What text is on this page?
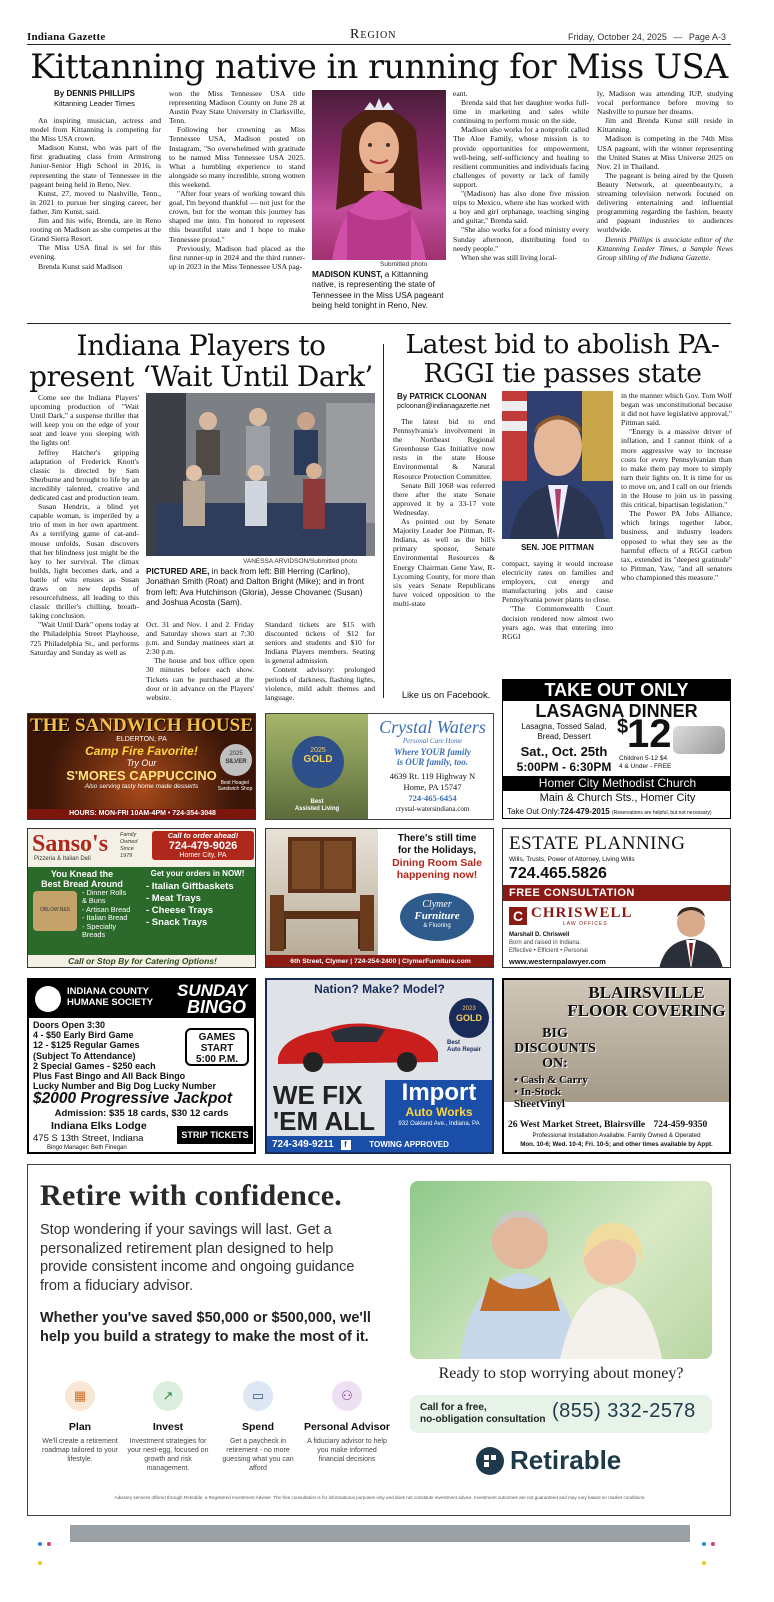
Indiana Gazette	Region	Friday, October 24, 2025 — Page A-3
Kittanning native in running for Miss USA
By DENNIS PHILLIPS
Kittanning Leader Times

An inspiring musician, actress and model from Kittanning is competing for the Miss USA crown.

Madison Kunst, who was part of the first graduating class from Armstrong Junior-Senior High School in 2016, is representing the state of Tennessee in the pageant being held in Reno, Nev.

Kunst, 27, moved to Nashville, Tenn., in 2021 to pursue her singing career, her father, Jim Kunst, said.

Jim and his wife, Brenda, are in Reno rooting on Madison as she competes at the Grand Sierra Resort.

The Miss USA final is set for this evening.

Brenda Kunst said Madison

won the Miss Tennessee USA title representing Madison County on June 28 at Austin Peay State University in Clarksville, Tenn.

Following her crowning as Miss Tennessee USA, Madison posted on Instagram, "So overwhelmed with gratitude to be named Miss Tennessee USA 2025. What a humbling experience to stand alongside so many incredible, strong women this weekend.

"After four years of working toward this goal, I'm beyond thankful — not just for the crown, but for the woman this journey has shaped me into. I'm honored to represent this beautiful state and I hope to make Tennessee proud."

Previously, Madison had placed as the first runner-up in 2024 and the third runner-up in 2023 in the Miss Tennessee USA pag-	Submitted photo
MADISON KUNST, a Kittanning native, is representing the state of Tennessee in the Miss USA pageant being held tonight in Reno, Nev.

eant.

Brenda said that her daughter works full-time in marketing and sales while continuing to perform music on the side.

Madison also works for a nonprofit called The Aloe Family, whose mission is to provide opportunities for empowerment, well-being, self-sufficiency and healing to resilient communities and individuals facing challenges of poverty or lack of family support.

"(Madison) has also done five mission trips to Mexico, where she has worked with a boy and girl orphanage, teaching singing and guitar," Brenda said.

"She also works for a food ministry every Sunday afternoon, distributing food to needy people."

When she was still living local-

ly, Madison was attending IUP, studying vocal performance before moving to Nashville to pursue her dreams.

Jim and Brenda Kunst still reside in Kittanning.

Madison is competing in the 74th Miss USA pageant, with the winner representing the United States at Miss Universe 2025 on Nov. 21 in Thailand.

The pageant is being aired by the Queen Beauty Network, at queenbeauty.tv, a streaming television network focused on delivering entertaining and influential programming regarding the fashion, beauty and pageant industries to audiences worldwide.

Dennis Phillips is associate editor of the Kittanning Leader Times, a Sample News Group sibling of the Indiana Gazette.

Indiana Players to present ‘Wait Until Dark’

Come see the Indiana Players' upcoming production of "Wait Until Dark," a suspense thriller that will keep you on the edge of your seat and leave you sleeping with the lights on!

Jeffrey Hatcher's gripping adaptation of Frederick Knott's classic is directed by Sam Sherburne and brought to life by an incredibly talented, creative and dedicated cast and production team.

Susan Hendrix, a blind yet capable woman, is imperiled by a trio of men in her own apartment. As a terrifying game of cat-and-mouse unfolds, Susan discovers that her blindness just might be the key to her survival. The climax builds, light becomes dark, and a battle of wits ensues as Susan draws on new depths of resourcefulness, all leading to this classic thriller's chilling, breath-taking conclusion.

"Wait Until Dark" opens today at the Philadelphia Street Playhouse, 725 Philadelphia St., and performs Saturday and Sunday as well as

VANESSA ARVIDSON/Submitted photo
PICTURED ARE, in back from left: Bill Herring (Carlino), Jonathan Smith (Roat) and Dalton Bright (Mike); and in front from left: Ava Hutchinson (Gloria), Jesse Chovanec (Susan) and Joshua Acosta (Sam).

Oct. 31 and Nov. 1 and 2. Friday and Saturday shows start at 7:30 p.m. and Sunday matinees start at 2:30 p.m.

The house and box office open 30 minutes before each show. Tickets can be purchased at the door or in advance on the Players' website.

Standard tickets are $15 with discounted tickets of $12 for seniors and students and $10 for Indiana Players members. Seating is general admission.

Content advisory: prolonged periods of darkness, flashing lights, violence, mild adult themes and language.

Latest bid to abolish PA-RGGI tie passes state
By PATRICK CLOONAN
pcloonan@indianagazette.net

The latest bid to end Pennsylvania's involvement in the Northeast Regional Greenhouse Gas Initiative now rests in the state House Environmental & Natural Resource Protection Committee.

Senate Bill 1068 was referred there after the state Senate approved it by a 33-17 vote Wednesday.

As pointed out by Senate Majority Leader Joe Pittman, R-Indiana, as well as the bill's primary sponsor, Senate Environmental Resources & Energy Chairman Gene Yaw, R-Lycoming County, for more than six years Senate Republicans have voiced opposition to the multi-state

SEN. JOE PITTMAN

compact, saying it would increase electricity rates on families and employers, cut energy and manufacturing jobs and cause Pennsylvania power plants to close.

"The Commonwealth Court decision rendered now almost two years ago, was that entering into RGGI

in the manner which Gov. Tom Wolf began was unconstitutional because it did not have legislative approval," Pittman said.

"Energy is a massive driver of inflation, and I cannot think of a more aggressive way to increase costs for every Pennsylvanian than to make them pay more to simply turn their lights on. It is time for us to move on, and I call on our friends in the House to join us in passing this critical, bipartisan legislation."

The Power PA Jobs Alliance, which brings together labor, business, and industry leaders opposed to what they see as the harmful effects of a RGGI carbon tax, extended its "deepest gratitude" to Pittman, Yaw, "and all senators who championed this measure."

Like us on Facebook.	TAKE OUT ONLY
LASAGNA DINNER
Lasagna, Tossed Salad,
Bread, Dessert
Sat., Oct. 25th
5:00PM - 6:30PM
$
12
Children 5-12 $4
4 & Under - FREE
Homer City Methodist Church
Main & Church Sts., Homer City
Take Out Only:724-479-2015 (Reservations are helpful, but not necessary)
THE SANDWICH HOUSE
ELDERTON, PA
Camp Fire Favorite!
Try Our
S'MORES CAPPUCCINO
Also serving tasty home made desserts
HOURS: MON-FRI 10AM-4PM • 724-354-3048
2025
SILVER
Best Hoagie/ Sandwich Shop
2025
GOLD
Best
Assisted Living
Crystal Waters
Personal Care Home
Where YOUR family
is OUR family, too.
4639 Rt. 119 Highway N
Home, PA 15747
724-465-6454
crystal-watersindiana.com
Sanso's
Pizzeria & Italian Deli
Family
Owned
Since
1979
Call to order ahead!
724-479-9026
Homer City, PA
You Knead the
Best Bread Around
OBLOW B&S
- Dinner Rolls
& Buns
- Artisan Bread
- Italian Bread
- Specialty
Breads
Get your orders in NOW!
- Italian Giftbaskets
- Meat Trays
- Cheese Trays
- Snack Trays
Call or Stop By for Catering Options!
There's still time
for the Holidays,
Dining Room Sale
happening now!
Clymer
Furniture
& Flooring
6th Street, Clymer | 724-254-2400 | ClymerFurniture.com
ESTATE PLANNING
Wills, Trusts, Power of Attorney, Living Wills
724.465.5826
FREE CONSULTATION
C CHRISWELL
LAW OFFICES
Marshall D. Chriswell
Born and raised in Indiana.
Effective • Efficient • Personal
www.westernpalawyer.com
INDIANA COUNTY
HUMANE SOCIETY
SUNDAY
BINGO
Doors Open 3:30
4 - $50 Early Bird Game
12 - $125 Regular Games
(Subject To Attendance)
2 Special Games - $250 each
Plus Fast Bingo and All Back Bingo
Lucky Number and Big Dog Lucky Number
GAMES
START
5:00 P.M.
$2000 Progressive Jackpot
Admission: $35 18 cards, $30 12 cards
Indiana Elks Lodge
475 S 13th Street, Indiana
Bingo Manager: Beth Finegan
STRIP TICKETS
Nation? Make? Model?
2023
GOLD
Best
Auto Repair
WE FIX
'EM ALL
Import
Auto Works
932 Oakland Ave., Indiana, PA
724-349-9211 f	TOWING APPROVED
BLAIRSVILLE
FLOOR COVERING
BIG
DISCOUNTS
ON:
• Cash & Carry
• In-Stock
SheetVinyl
26 West Market Street, Blairsville 724-459-9350
Professional Installation Available. Family Owned & Operated
Mon. 10-6; Wed. 10-4; Fri. 10-5; and other times available by Appt.
Retire with confidence.
Stop wondering if your savings will last. Get a personalized retirement plan designed to help provide consistent income and ongoing guidance from a fiduciary advisor.
Whether you've saved $50,000 or $500,000, we'll help you build a strategy to make the most of it.
Ready to stop worrying about money?
Call for a free,
no-obligation consultation (855) 332-2578
Retirable
▦
Plan
We'll create a retirement roadmap tailored to your lifestyle.
↗
Invest
Investment strategies for your nest-egg, focused on growth and risk management.
▭
Spend
Get a paycheck in retirement - no more guessing what you can afford
⚇
Personal Advisor
A fiduciary advisor to help you make informed financial decisions
Advisory services offered through Retirable, a Registered Investment Adviser. The free consultation is for informational purposes only and does not constitute investment advice. Investment outcomes are not guaranteed and may vary based on market conditions.
